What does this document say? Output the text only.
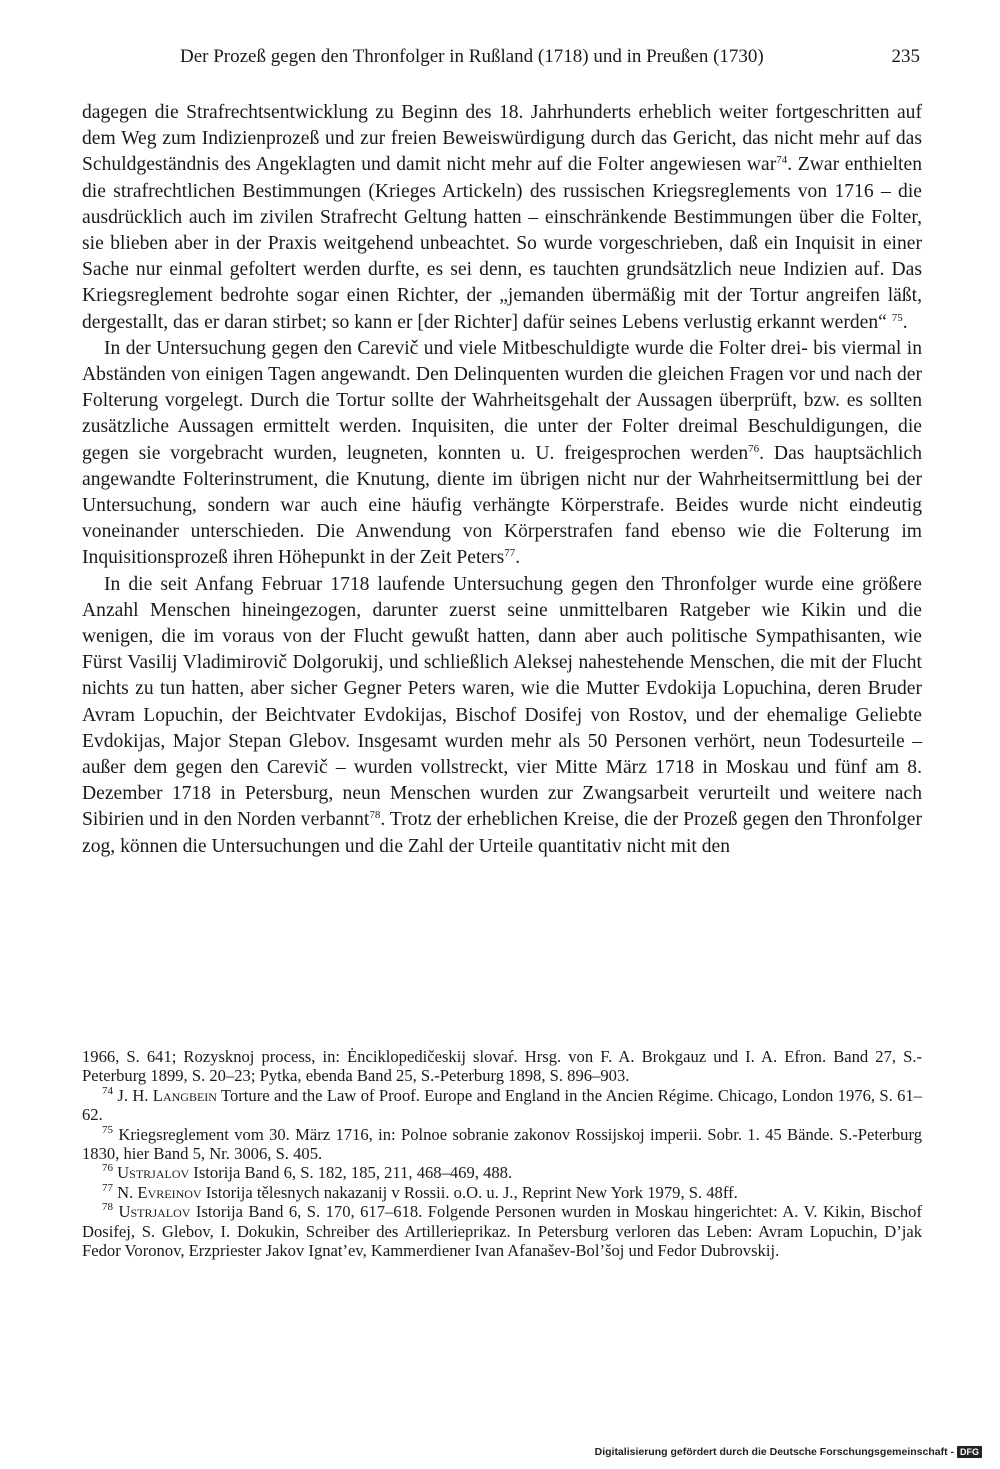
Der Prozeß gegen den Thronfolger in Rußland (1718) und in Preußen (1730)	235

dagegen die Strafrechtsentwicklung zu Beginn des 18. Jahrhunderts erheblich weiter fortgeschritten auf dem Weg zum Indizienprozeß und zur freien Beweiswürdigung durch das Gericht, das nicht mehr auf das Schuldgeständnis des Angeklagten und damit nicht mehr auf die Folter angewiesen war$^{74}$. Zwar enthielten die strafrechtlichen Bestimmungen (Krieges Artickeln) des russischen Kriegsreglements von 1716 – die ausdrücklich auch im zivilen Strafrecht Geltung hatten – einschränkende Bestimmungen über die Folter, sie blieben aber in der Praxis weitgehend unbeachtet. So wurde vorgeschrieben, daß ein Inquisit in einer Sache nur einmal gefoltert werden durfte, es sei denn, es tauchten grundsätzlich neue Indizien auf. Das Kriegsreglement bedrohte sogar einen Richter, der „jemanden übermäßig mit der Tortur angreifen läßt, dergestallt, das er daran stirbet; so kann er [der Richter] dafür seines Lebens verlustig erkannt werden“ $^{75}$.

In der Untersuchung gegen den Carevič und viele Mitbeschuldigte wurde die Folter drei- bis viermal in Abständen von einigen Tagen angewandt. Den Delinquenten wurden die gleichen Fragen vor und nach der Folterung vorgelegt. Durch die Tortur sollte der Wahrheitsgehalt der Aussagen überprüft, bzw. es sollten zusätzliche Aussagen ermittelt werden. Inquisiten, die unter der Folter dreimal Beschuldigungen, die gegen sie vorgebracht wurden, leugneten, konnten u. U. freigesprochen werden$^{76}$. Das hauptsächlich angewandte Folterinstrument, die Knutung, diente im übrigen nicht nur der Wahrheitsermittlung bei der Untersuchung, sondern war auch eine häufig verhängte Körperstrafe. Beides wurde nicht eindeutig voneinander unterschieden. Die Anwendung von Körperstrafen fand ebenso wie die Folterung im Inquisitionsprozeß ihren Höhepunkt in der Zeit Peters$^{77}$.

In die seit Anfang Februar 1718 laufende Untersuchung gegen den Thronfolger wurde eine größere Anzahl Menschen hineingezogen, darunter zuerst seine unmittelbaren Ratgeber wie Kikin und die wenigen, die im voraus von der Flucht gewußt hatten, dann aber auch politische Sympathisanten, wie Fürst Vasilij Vladimirovič Dolgorukij, und schließlich Aleksej nahestehende Menschen, die mit der Flucht nichts zu tun hatten, aber sicher Gegner Peters waren, wie die Mutter Evdokija Lopuchina, deren Bruder Avram Lopuchin, der Beichtvater Evdokijas, Bischof Dosifej von Rostov, und der ehemalige Geliebte Evdokijas, Major Stepan Glebov. Insgesamt wurden mehr als 50 Personen verhört, neun Todesurteile – außer dem gegen den Carevič – wurden vollstreckt, vier Mitte März 1718 in Moskau und fünf am 8. Dezember 1718 in Petersburg, neun Menschen wurden zur Zwangsarbeit verurteilt und weitere nach Sibirien und in den Norden verbannt$^{78}$. Trotz der erheblichen Kreise, die der Prozeß gegen den Thronfolger zog, können die Untersuchungen und die Zahl der Urteile quantitativ nicht mit den

1966, S. 641; Rozysknoj process, in: Ėnciklopedičeskij slovaŕ. Hrsg. von F. A. Brokgauz und I. A. Efron. Band 27, S.-Peterburg 1899, S. 20–23; Pytka, ebenda Band 25, S.-Peterburg 1898, S. 896–903.

$^{74}$ J. H. Langbein Torture and the Law of Proof. Europe and England in the Ancien Régime. Chicago, London 1976, S. 61–62.

$^{75}$ Kriegsreglement vom 30. März 1716, in: Polnoe sobranie zakonov Rossijskoj imperii. Sobr. 1. 45 Bände. S.-Peterburg 1830, hier Band 5, Nr. 3006, S. 405.

$^{76}$ Ustrjalov Istorija Band 6, S. 182, 185, 211, 468–469, 488.

$^{77}$ N. Evreinov Istorija tělesnych nakazanij v Rossii. o.O. u. J., Reprint New York 1979, S. 48ff.

$^{78}$ Ustrjalov Istorija Band 6, S. 170, 617–618. Folgende Personen wurden in Moskau hingerichtet: A. V. Kikin, Bischof Dosifej, S. Glebov, I. Dokukin, Schreiber des Artillerieprikaz. In Petersburg verloren das Leben: Avram Lopuchin, D’jak Fedor Voronov, Erzpriester Jakov Ignat’ev, Kammerdiener Ivan Afanašev-Bol’šoj und Fedor Dubrovskij.

Digitalisierung gefördert durch die Deutsche Forschungsgemeinschaft - DFG
